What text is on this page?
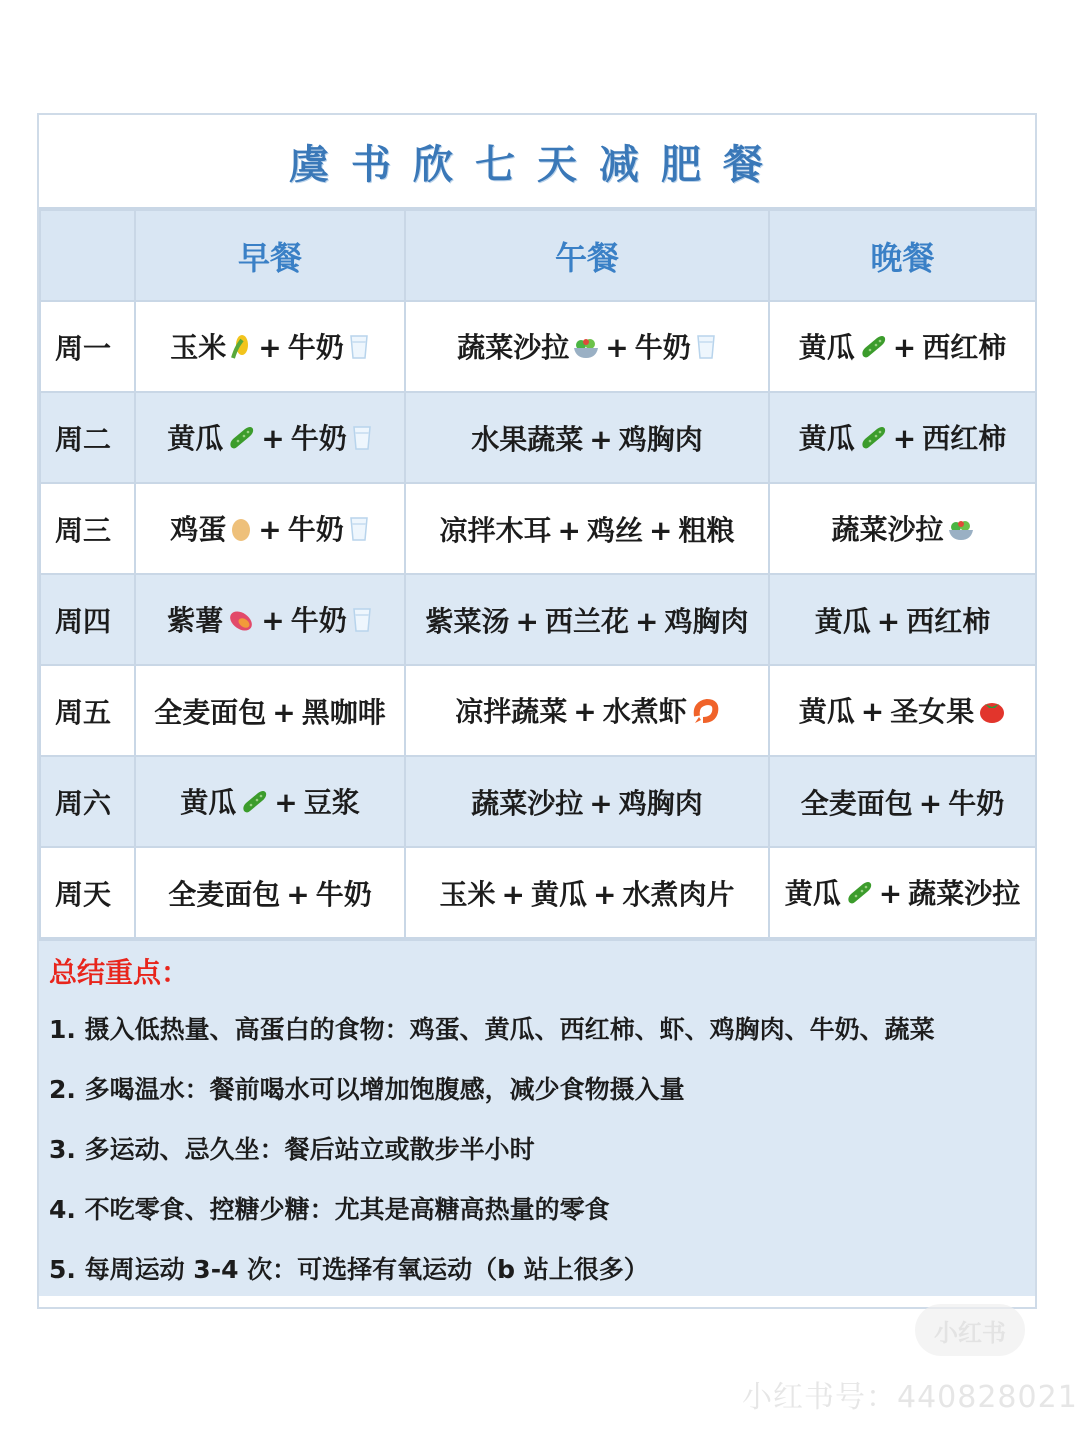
虞书欣七天减肥餐
	早餐	午餐	晚餐
周一	玉米 + 牛奶	蔬菜沙拉 + 牛奶	黄瓜 + 西红柿
周二	黄瓜 + 牛奶	水果蔬菜 + 鸡胸肉	黄瓜 + 西红柿
周三	鸡蛋 + 牛奶	凉拌木耳 + 鸡丝 + 粗粮	蔬菜沙拉
周四	紫薯 + 牛奶	紫菜汤 + 西兰花 + 鸡胸肉	黄瓜 + 西红柿
周五	全麦面包 + 黑咖啡	凉拌蔬菜 + 水煮虾	黄瓜 + 圣女果
周六	黄瓜 + 豆浆	蔬菜沙拉 + 鸡胸肉	全麦面包 + 牛奶
周天	全麦面包 + 牛奶	玉米 + 黄瓜 + 水煮肉片	黄瓜 + 蔬菜沙拉
总结重点：
1. 摄入低热量、高蛋白的食物：鸡蛋、黄瓜、西红柿、虾、鸡胸肉、牛奶、蔬菜
2. 多喝温水：餐前喝水可以增加饱腹感，减少食物摄入量
3. 多运动、忌久坐：餐后站立或散步半小时
4. 不吃零食、控糖少糖：尤其是高糖高热量的零食
5. 每周运动 3-4 次：可选择有氧运动（b 站上很多）
小红书
小红书号：440828021
